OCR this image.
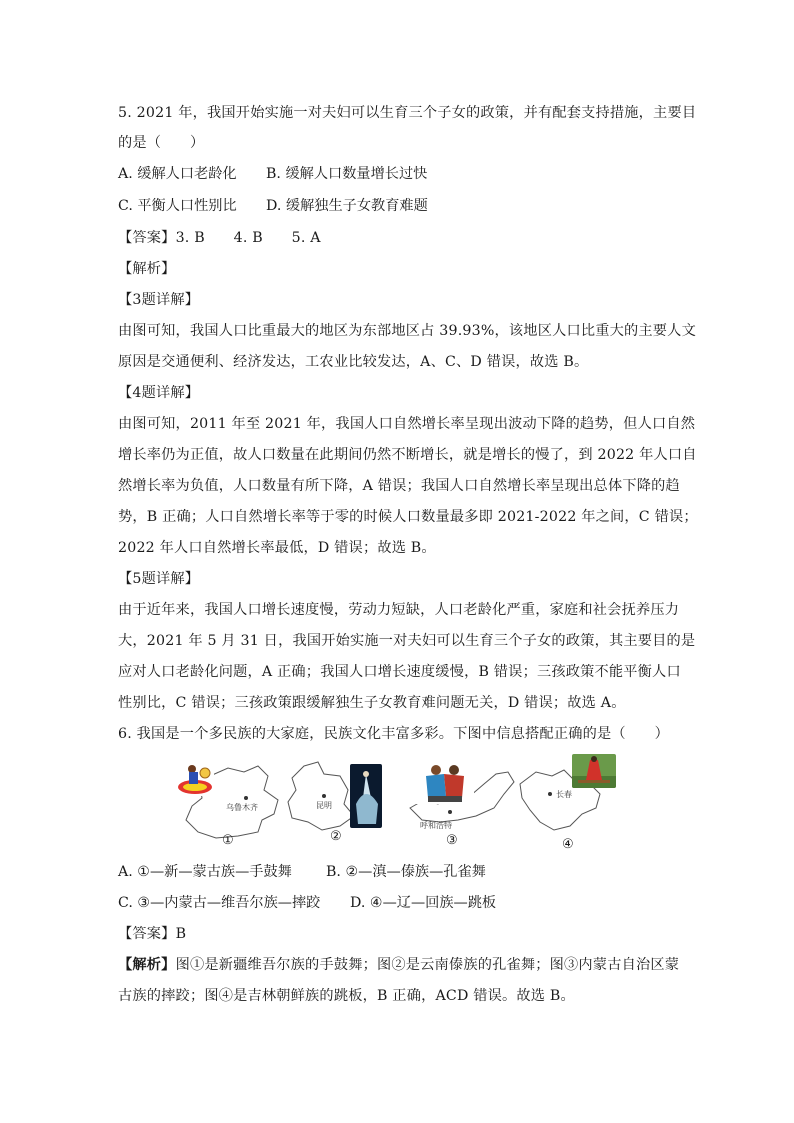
5. 2021 年，我国开始实施一对夫妇可以生育三个子女的政策，并有配套支持措施，主要目
的是（　　）
A. 缓解人口老龄化 B. 缓解人口数量增长过快
C. 平衡人口性别比 D. 缓解独生子女教育难题
【答案】3. B　　4. B　　5. A
【解析】
【3题详解】
由图可知，我国人口比重最大的地区为东部地区占 39.93%，该地区人口比重大的主要人文
原因是交通便利、经济发达，工农业比较发达，A、C、D 错误，故选 B。
【4题详解】
由图可知，2011 年至 2021 年，我国人口自然增长率呈现出波动下降的趋势，但人口自然
增长率仍为正值，故人口数量在此期间仍然不断增长，就是增长的慢了，到 2022 年人口自
然增长率为负值，人口数量有所下降，A 错误；我国人口自然增长率呈现出总体下降的趋
势，B 正确；人口自然增长率等于零的时候人口数量最多即 2021-2022 年之间，C 错误；
2022 年人口自然增长率最低，D 错误；故选 B。
【5题详解】
由于近年来，我国人口增长速度慢，劳动力短缺，人口老龄化严重，家庭和社会抚养压力
大，2021 年 5 月 31 日，我国开始实施一对夫妇可以生育三个子女的政策，其主要目的是
应对人口老龄化问题，A 正确；我国人口增长速度缓慢，B 错误；三孩政策不能平衡人口
性别比，C 错误；三孩政策跟缓解独生子女教育难问题无关，D 错误；故选 A。
6. 我国是一个多民族的大家庭，民族文化丰富多彩。下图中信息搭配正确的是（　　）
乌鲁木齐
①
昆明
②
呼和浩特
③
长春
④
A. ①—新—蒙古族—手鼓舞 B. ②—滇—傣族—孔雀舞
C. ③—内蒙古—维吾尔族—摔跤 D. ④—辽—回族—跳板
【答案】B
【解析】图①是新疆维吾尔族的手鼓舞；图②是云南傣族的孔雀舞；图③内蒙古自治区蒙
古族的摔跤；图④是吉林朝鲜族的跳板，B 正确，ACD 错误。故选 B。
